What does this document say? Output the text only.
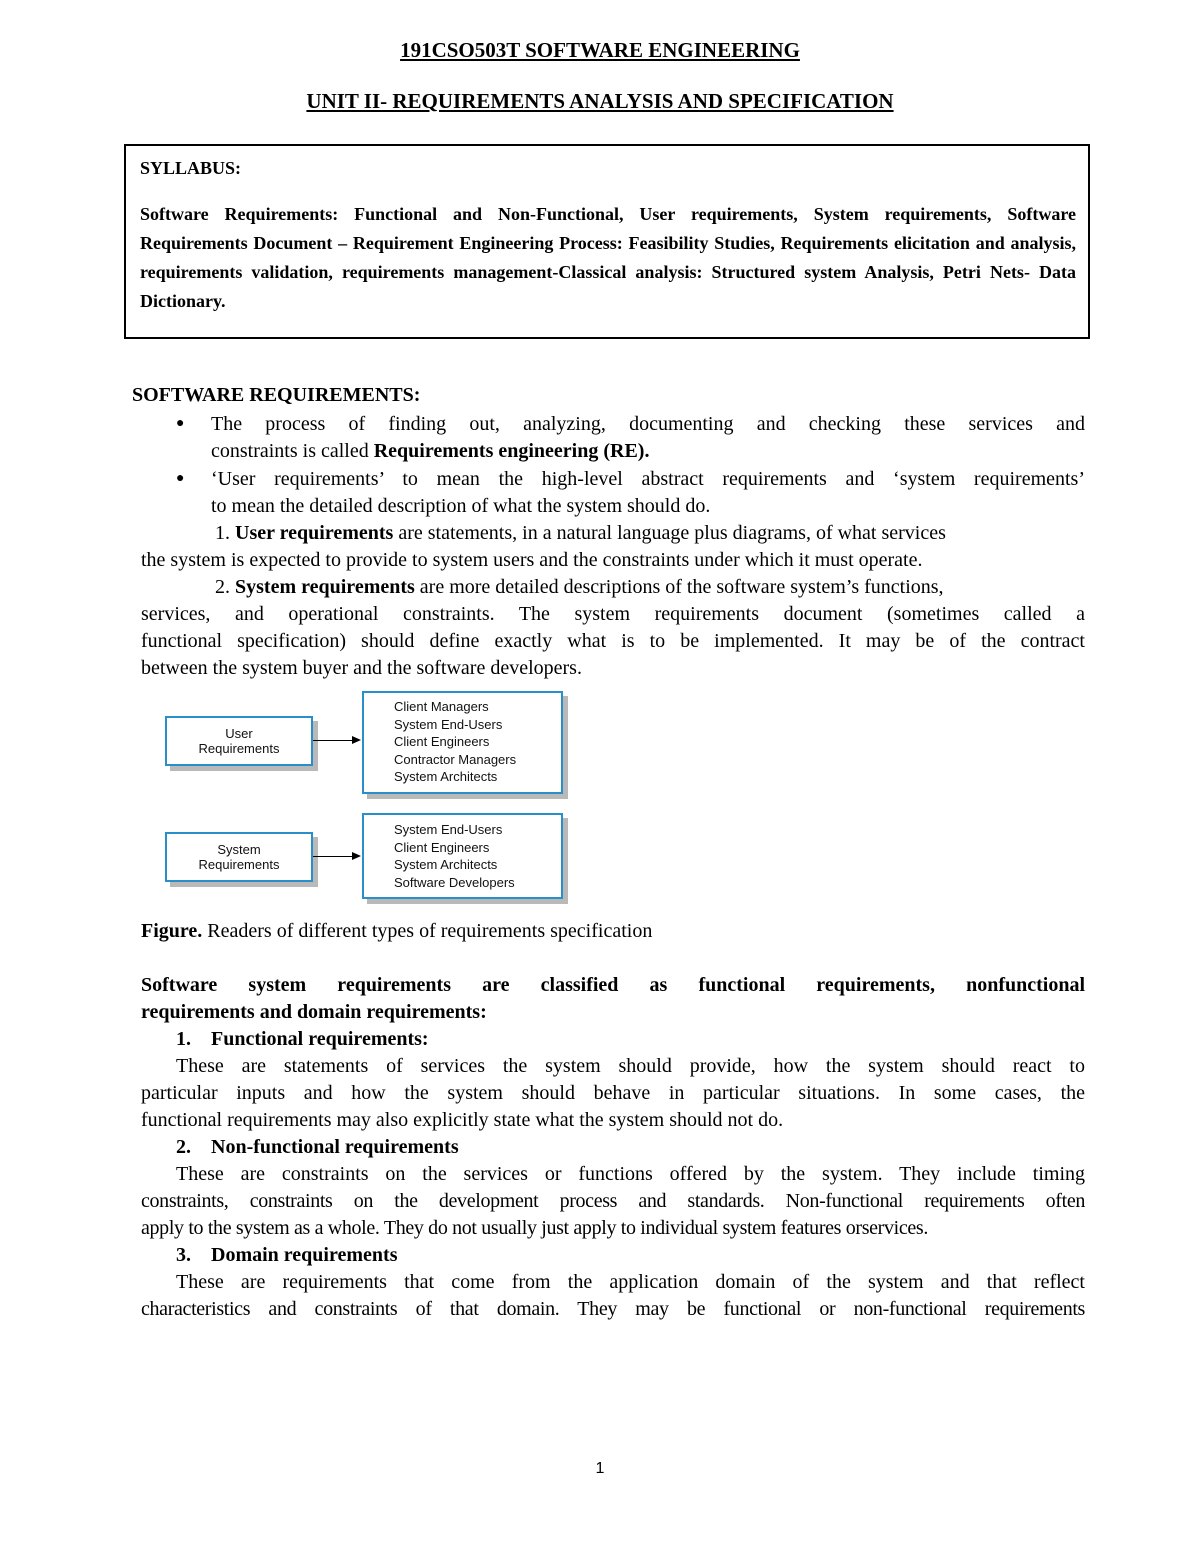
191CSO503T SOFTWARE ENGINEERING
UNIT II- REQUIREMENTS ANALYSIS AND SPECIFICATION
SYLLABUS:
Software Requirements: Functional and Non-Functional, User requirements, System requirements, Software Requirements Document – Requirement Engineering Process: Feasibility Studies, Requirements elicitation and analysis, requirements validation, requirements management-Classical analysis: Structured system Analysis, Petri Nets- Data Dictionary.
SOFTWARE REQUIREMENTS:
● The process of finding out, analyzing, documenting and checking these services and
constraints is called Requirements engineering (RE).
● ‘User requirements’ to mean the high-level abstract requirements and ‘system requirements’
to mean the detailed description of what the system should do.
1. User requirements are statements, in a natural language plus diagrams, of what services
the system is expected to provide to system users and the constraints under which it must operate.
2. System requirements are more detailed descriptions of the software system’s functions,
services, and operational constraints. The system requirements document (sometimes called a
functional specification) should define exactly what is to be implemented. It may be of the contract
between the system buyer and the software developers.
User
Requirements
Client Managers
System End-Users
Client Engineers
Contractor Managers
System Architects
System
Requirements
System End-Users
Client Engineers
System Architects
Software Developers
Figure. Readers of different types of requirements specification
Software system requirements are classified as functional requirements, nonfunctional
requirements and domain requirements:
1. Functional requirements:
These are statements of services the system should provide, how the system should react to
particular inputs and how the system should behave in particular situations. In some cases, the
functional requirements may also explicitly state what the system should not do.
2. Non-functional requirements
These are constraints on the services or functions offered by the system. They include timing
constraints, constraints on the development process and standards. Non-functional requirements often
apply to the system as a whole. They do not usually just apply to individual system features orservices.
3. Domain requirements
These are requirements that come from the application domain of the system and that reflect
characteristics and constraints of that domain. They may be functional or non-functional requirements
1
